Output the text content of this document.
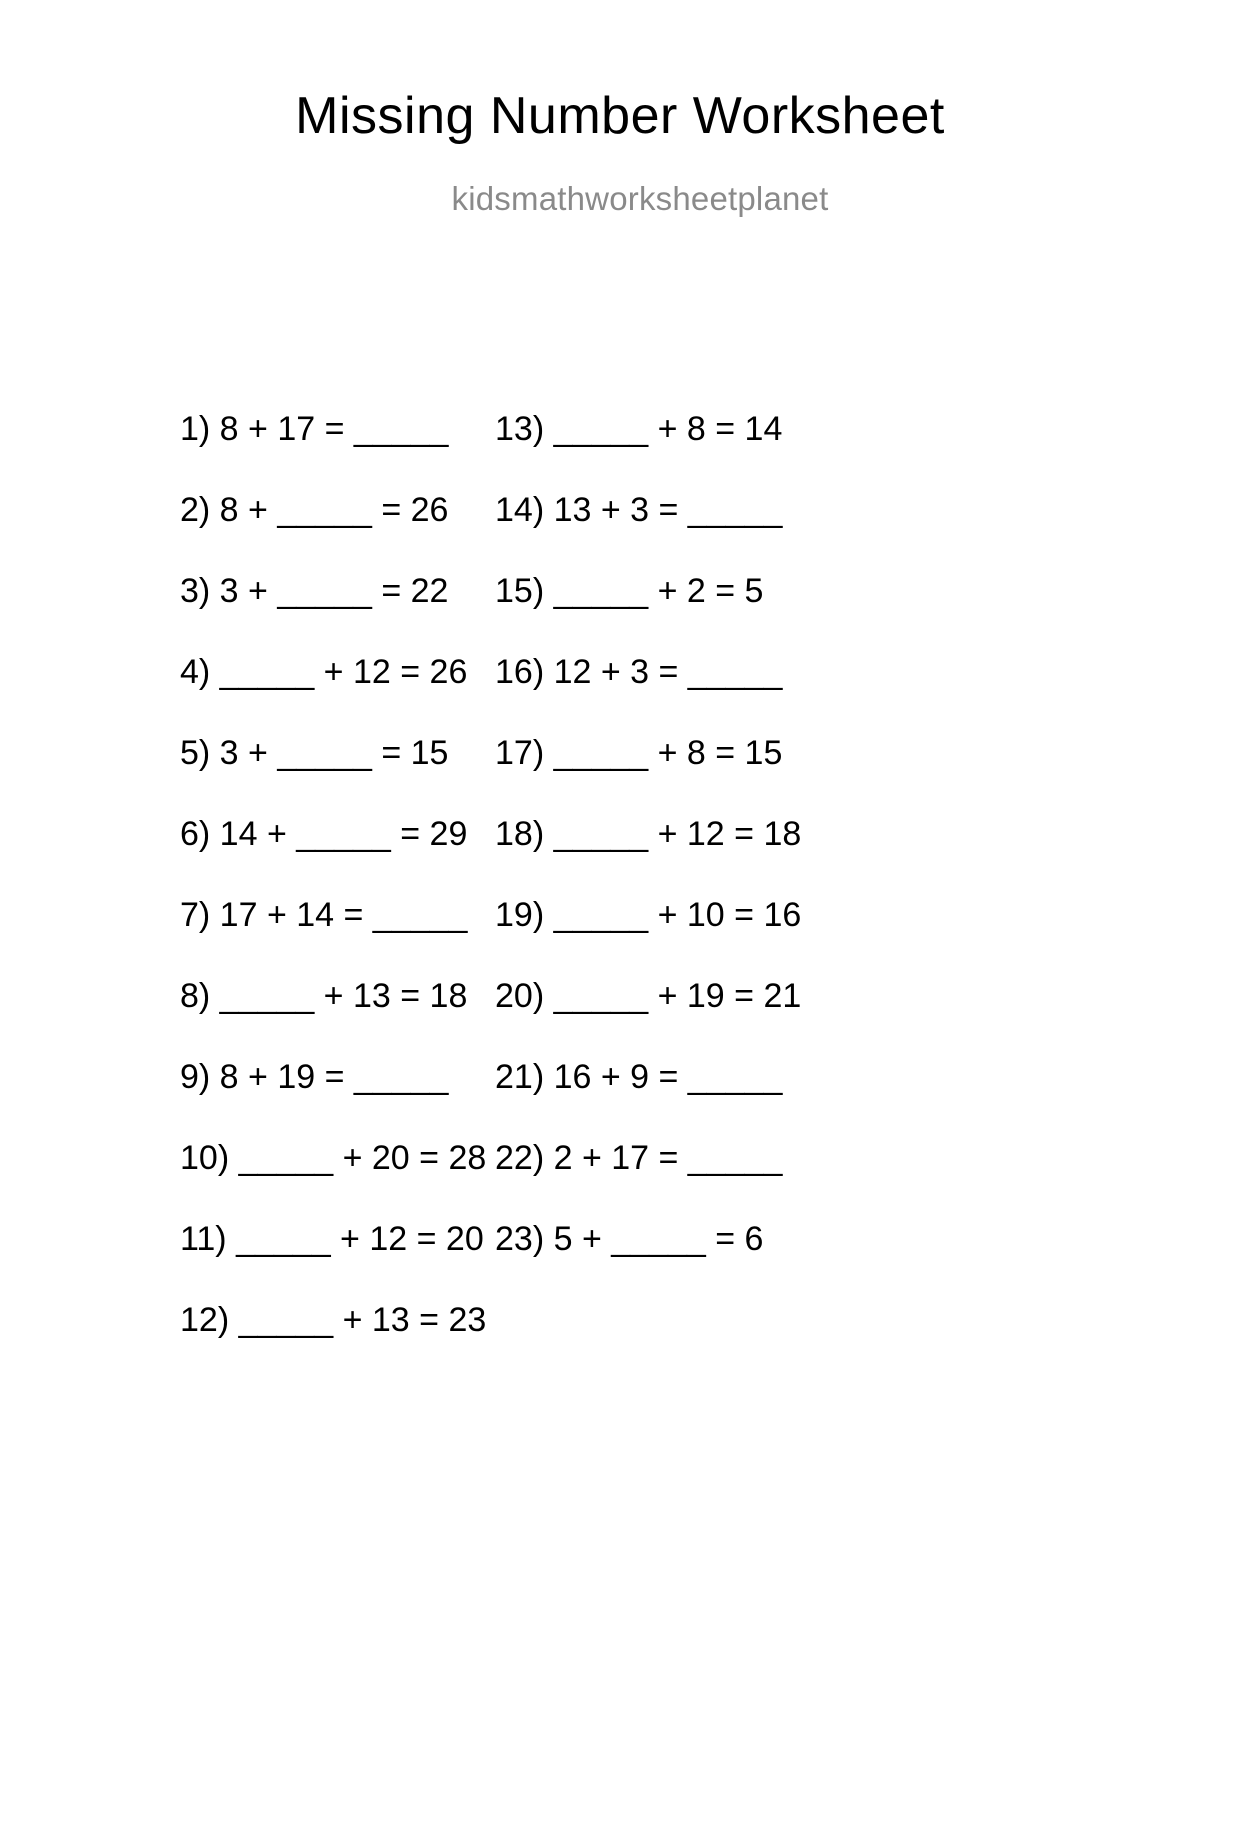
Missing Number Worksheet
kidsmathworksheetplanet
1) 8 + 17 = _____
2) 8 + _____ = 26
3) 3 + _____ = 22
4) _____ + 12 = 26
5) 3 + _____ = 15
6) 14 + _____ = 29
7) 17 + 14 = _____
8) _____ + 13 = 18
9) 8 + 19 = _____
10) _____ + 20 = 28
11) _____ + 12 = 20
12) _____ + 13 = 23
13) _____ + 8 = 14
14) 13 + 3 = _____
15) _____ + 2 = 5
16) 12 + 3 = _____
17) _____ + 8 = 15
18) _____ + 12 = 18
19) _____ + 10 = 16
20) _____ + 19 = 21
21) 16 + 9 = _____
22) 2 + 17 = _____
23) 5 + _____ = 6
